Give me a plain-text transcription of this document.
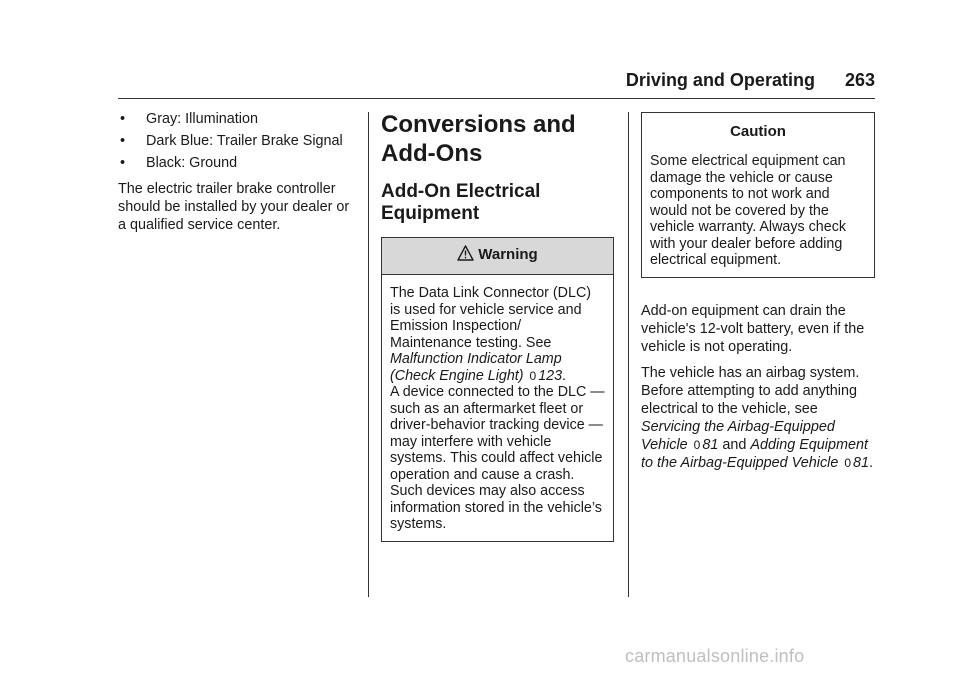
Driving and Operating 263
•	Gray: Illumination
•	Dark Blue: Trailer Brake Signal
•	Black: Ground

The electric trailer brake controller should be installed by your dealer or a qualified service center.

Conversions and Add-Ons
Add-On Electrical Equipment
Warning
The Data Link Connector (DLC) is used for vehicle service and Emission Inspection/ Maintenance testing. See Malfunction Indicator Lamp (Check Engine Light) 0 123.
A device connected to the DLC — such as an aftermarket fleet or driver-behavior tracking device — may interfere with vehicle systems. This could affect vehicle operation and cause a crash. Such devices may also access information stored in the vehicle’s systems.
Caution
Some electrical equipment can damage the vehicle or cause components to not work and would not be covered by the vehicle warranty. Always check with your dealer before adding electrical equipment.

Add-on equipment can drain the vehicle's 12-volt battery, even if the vehicle is not operating.

The vehicle has an airbag system. Before attempting to add anything electrical to the vehicle, see Servicing the Airbag-Equipped Vehicle 0 81 and Adding Equipment to the Airbag-Equipped Vehicle 0 81.

carmanualsonline.info
